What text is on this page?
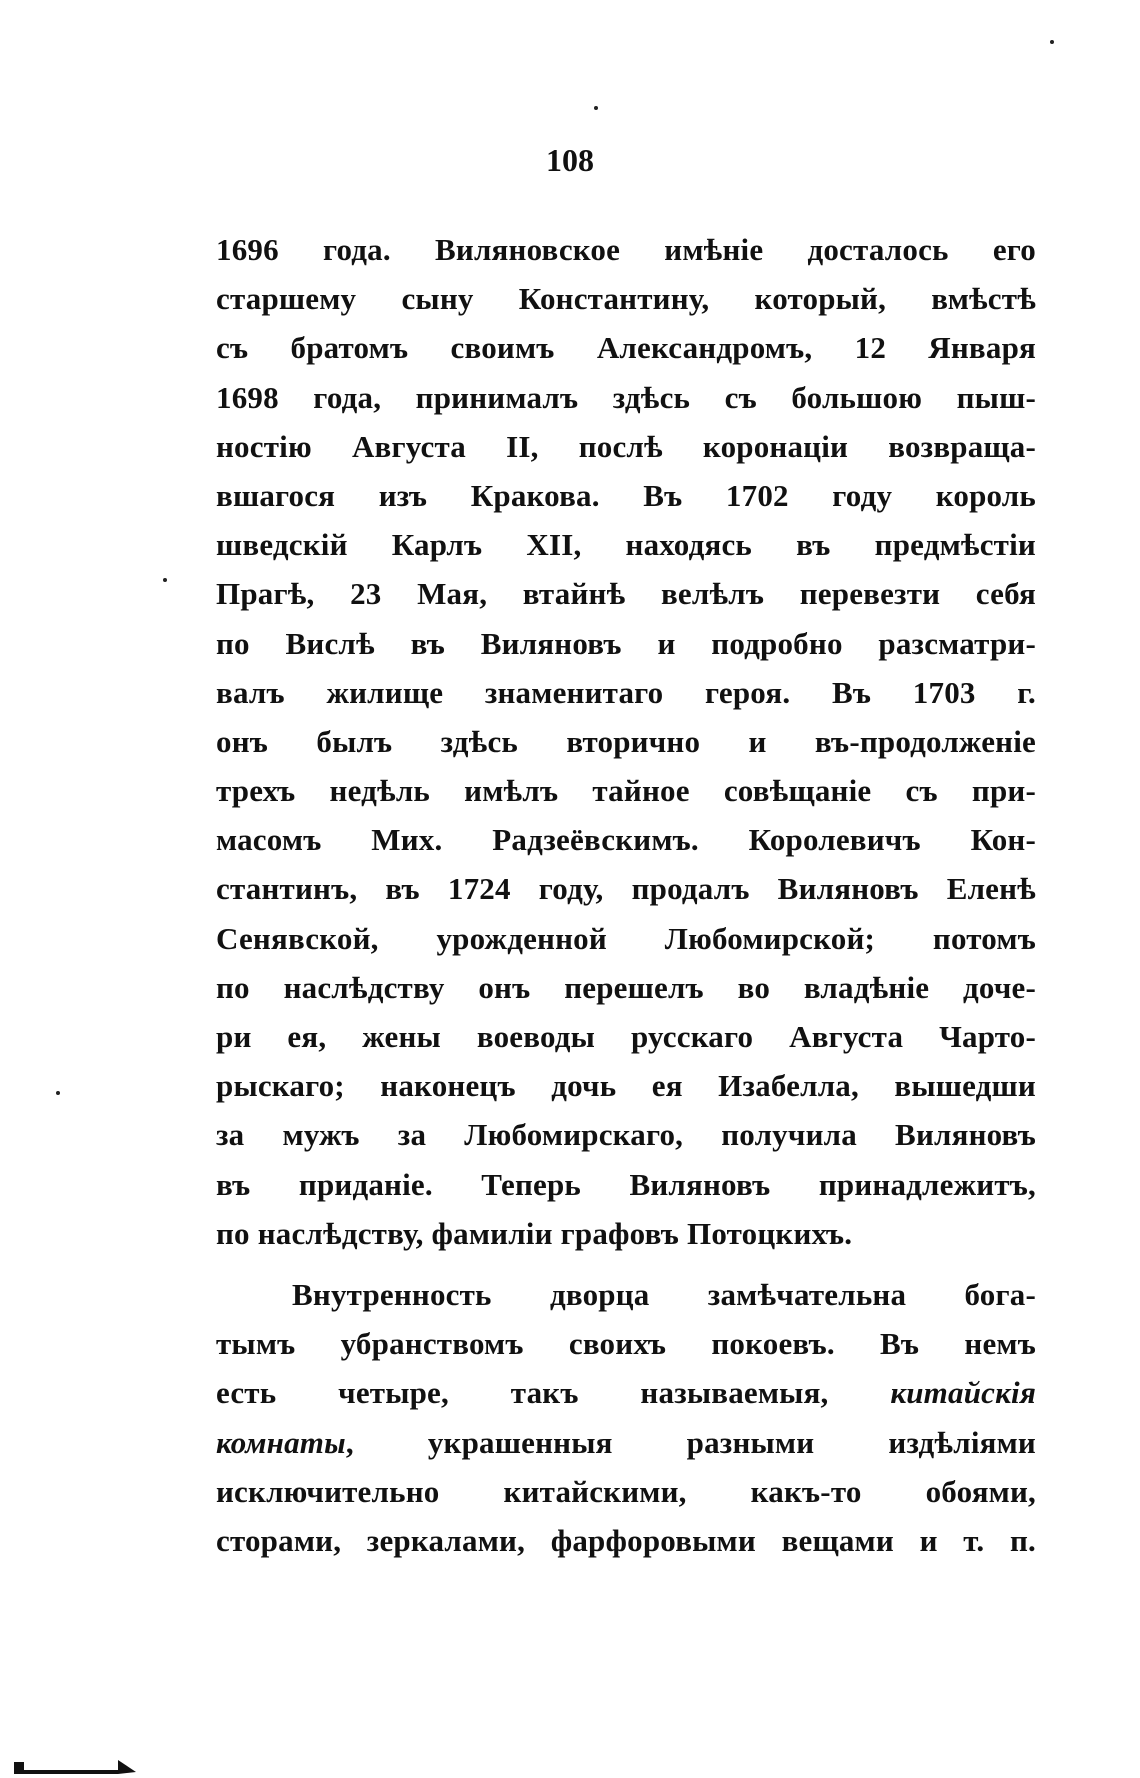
108
1696 года. Виляновское имѣніе досталось его
старшему сыну Константину, который, вмѣстѣ
съ братомъ своимъ Александромъ, 12 Января
1698 года, принималъ здѣсь съ большою пыш-
ностію Августа II, послѣ коронаціи возвраща-
вшагося изъ Кракова. Въ 1702 году король
шведскій Карлъ XII, находясь въ предмѣстіи
Прагѣ, 23 Мая, втайнѣ велѣлъ перевезти себя
по Вислѣ въ Виляновъ и подробно разсматри-
валъ жилище знаменитаго героя. Въ 1703 г.
онъ былъ здѣсь вторично и въ-продолженіе
трехъ недѣль имѣлъ тайное совѣщаніе съ при-
масомъ Мих. Радзеёвскимъ. Королевичъ Кон-
стантинъ, въ 1724 году, продалъ Виляновъ Еленѣ
Сенявской, урожденной Любомирской; потомъ
по наслѣдству онъ перешелъ во владѣніе доче-
ри ея, жены воеводы русскаго Августа Чарто-
рыскаго; наконецъ дочь ея Изабелла, вышедши
за мужъ за Любомирскаго, получила Виляновъ
въ приданіе. Теперь Виляновъ принадлежитъ,
по наслѣдству, фамиліи графовъ Потоцкихъ.
Внутренность дворца замѣчательна бога-
тымъ убранствомъ своихъ покоевъ. Въ немъ
есть четыре, такъ называемыя, китайскія
комнаты, украшенныя разными издѣліями
исключительно китайскими, какъ-то обоями,
сторами, зеркалами, фарфоровыми вещами и т. п.
